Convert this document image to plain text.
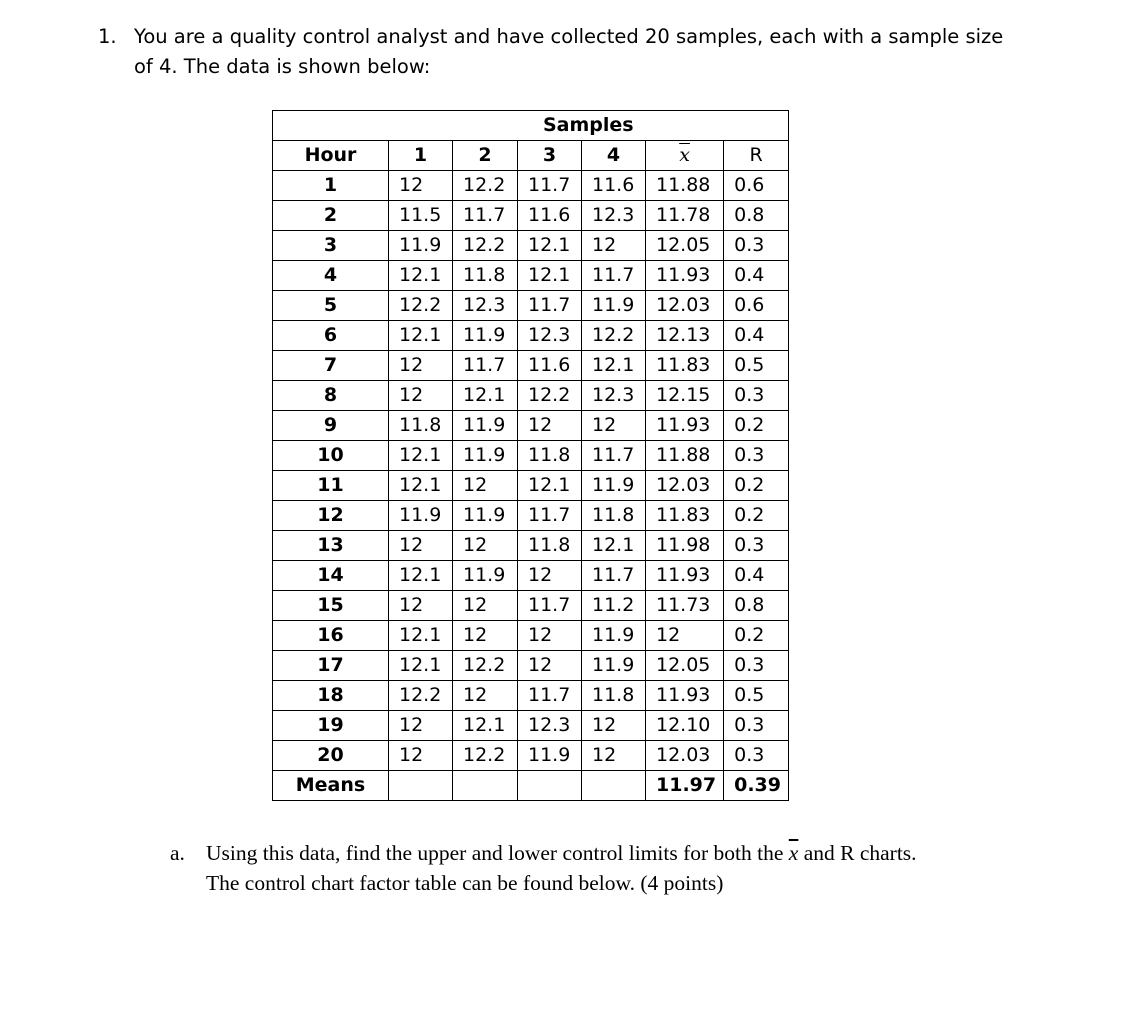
1. You are a quality control analyst and have collected 20 samples, each with a sample size
of 4. The data is shown below:
	Samples					
Hour	1	2	3	4	$\overline{x}$	R
1	12	12.2	11.7	11.6	11.88	0.6
2	11.5	11.7	11.6	12.3	11.78	0.8
3	11.9	12.2	12.1	12	12.05	0.3
4	12.1	11.8	12.1	11.7	11.93	0.4
5	12.2	12.3	11.7	11.9	12.03	0.6
6	12.1	11.9	12.3	12.2	12.13	0.4
7	12	11.7	11.6	12.1	11.83	0.5
8	12	12.1	12.2	12.3	12.15	0.3
9	11.8	11.9	12	12	11.93	0.2
10	12.1	11.9	11.8	11.7	11.88	0.3
11	12.1	12	12.1	11.9	12.03	0.2
12	11.9	11.9	11.7	11.8	11.83	0.2
13	12	12	11.8	12.1	11.98	0.3
14	12.1	11.9	12	11.7	11.93	0.4
15	12	12	11.7	11.2	11.73	0.8
16	12.1	12	12	11.9	12	0.2
17	12.1	12.2	12	11.9	12.05	0.3
18	12.2	12	11.7	11.8	11.93	0.5
19	12	12.1	12.3	12	12.10	0.3
20	12	12.2	11.9	12	12.03	0.3
Means					11.97	0.39
a. Using this data, find the upper and lower control limits for both the $\overline{x}$ and R charts.
The control chart factor table can be found below. (4 points)
